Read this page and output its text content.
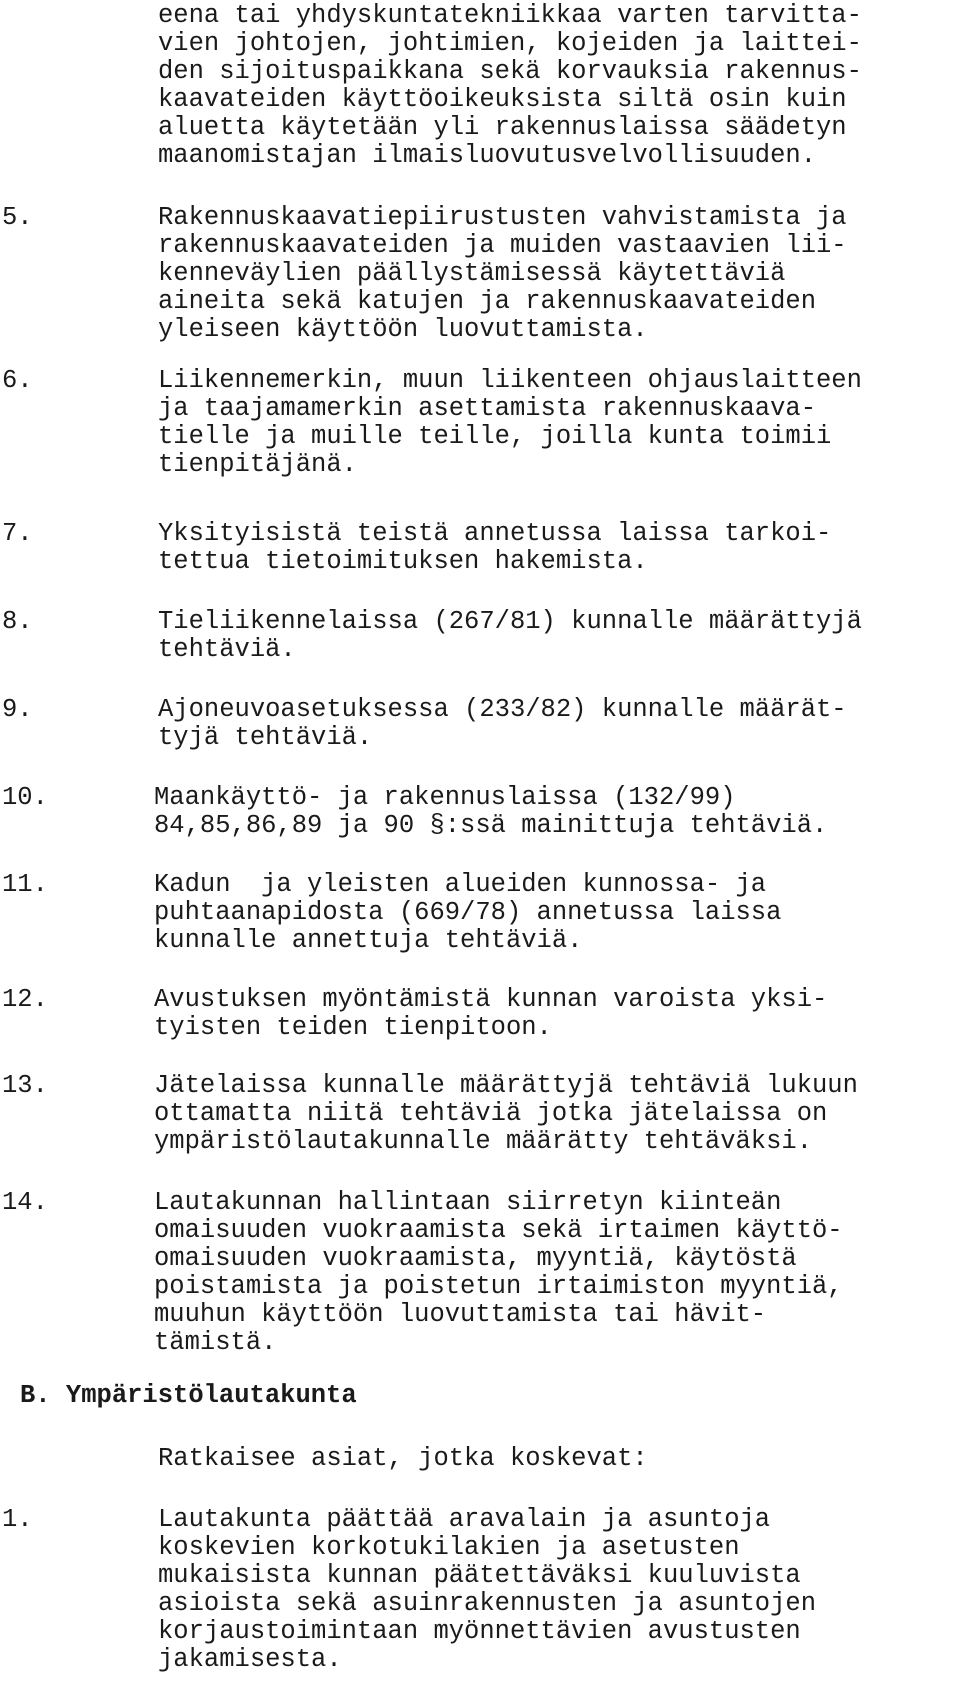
eena tai yhdyskuntatekniikkaa varten tarvitta-
vien johtojen, johtimien, kojeiden ja laittei-
den sijoituspaikkana sekä korvauksia rakennus-
kaavateiden käyttöoikeuksista siltä osin kuin
aluetta käytetään yli rakennuslaissa säädetyn
maanomistajan ilmaisluovutusvelvollisuuden.
5.	Rakennuskaavatiepiirustusten vahvistamista ja
rakennuskaavateiden ja muiden vastaavien lii-
kenneväylien päällystämisessä käytettäviä
aineita sekä katujen ja rakennuskaavateiden
yleiseen käyttöön luovuttamista.
6.	Liikennemerkin, muun liikenteen ohjauslaitteen
ja taajamamerkin asettamista rakennuskaava-
tielle ja muille teille, joilla kunta toimii
tienpitäjänä.
7.	Yksityisistä teistä annetussa laissa tarkoi-
tettua tietoimituksen hakemista.
8.	Tieliikennelaissa (267/81) kunnalle määrättyjä
tehtäviä.
9.	Ajoneuvoasetuksessa (233/82) kunnalle määrät-
tyjä tehtäviä.
10.	Maankäyttö- ja rakennuslaissa (132/99)
84,85,86,89 ja 90 §:ssä mainittuja tehtäviä.
11.	Kadun  ja yleisten alueiden kunnossa- ja
puhtaanapidosta (669/78) annetussa laissa
kunnalle annettuja tehtäviä.
12.	Avustuksen myöntämistä kunnan varoista yksi-
tyisten teiden tienpitoon.
13.	Jätelaissa kunnalle määrättyjä tehtäviä lukuun
ottamatta niitä tehtäviä jotka jätelaissa on
ympäristölautakunnalle määrätty tehtäväksi.
14.	Lautakunnan hallintaan siirretyn kiinteän
omaisuuden vuokraamista sekä irtaimen käyttö-
omaisuuden vuokraamista, myyntiä, käytöstä
poistamista ja poistetun irtaimiston myyntiä,
muuhun käyttöön luovuttamista tai hävit-
tämistä.
B. Ympäristölautakunta
Ratkaisee asiat, jotka koskevat:
1.	Lautakunta päättää aravalain ja asuntoja
koskevien korkotukilakien ja asetusten
mukaisista kunnan päätettäväksi kuuluvista
asioista sekä asuinrakennusten ja asuntojen
korjaustoimintaan myönnettävien avustusten
jakamisesta.
